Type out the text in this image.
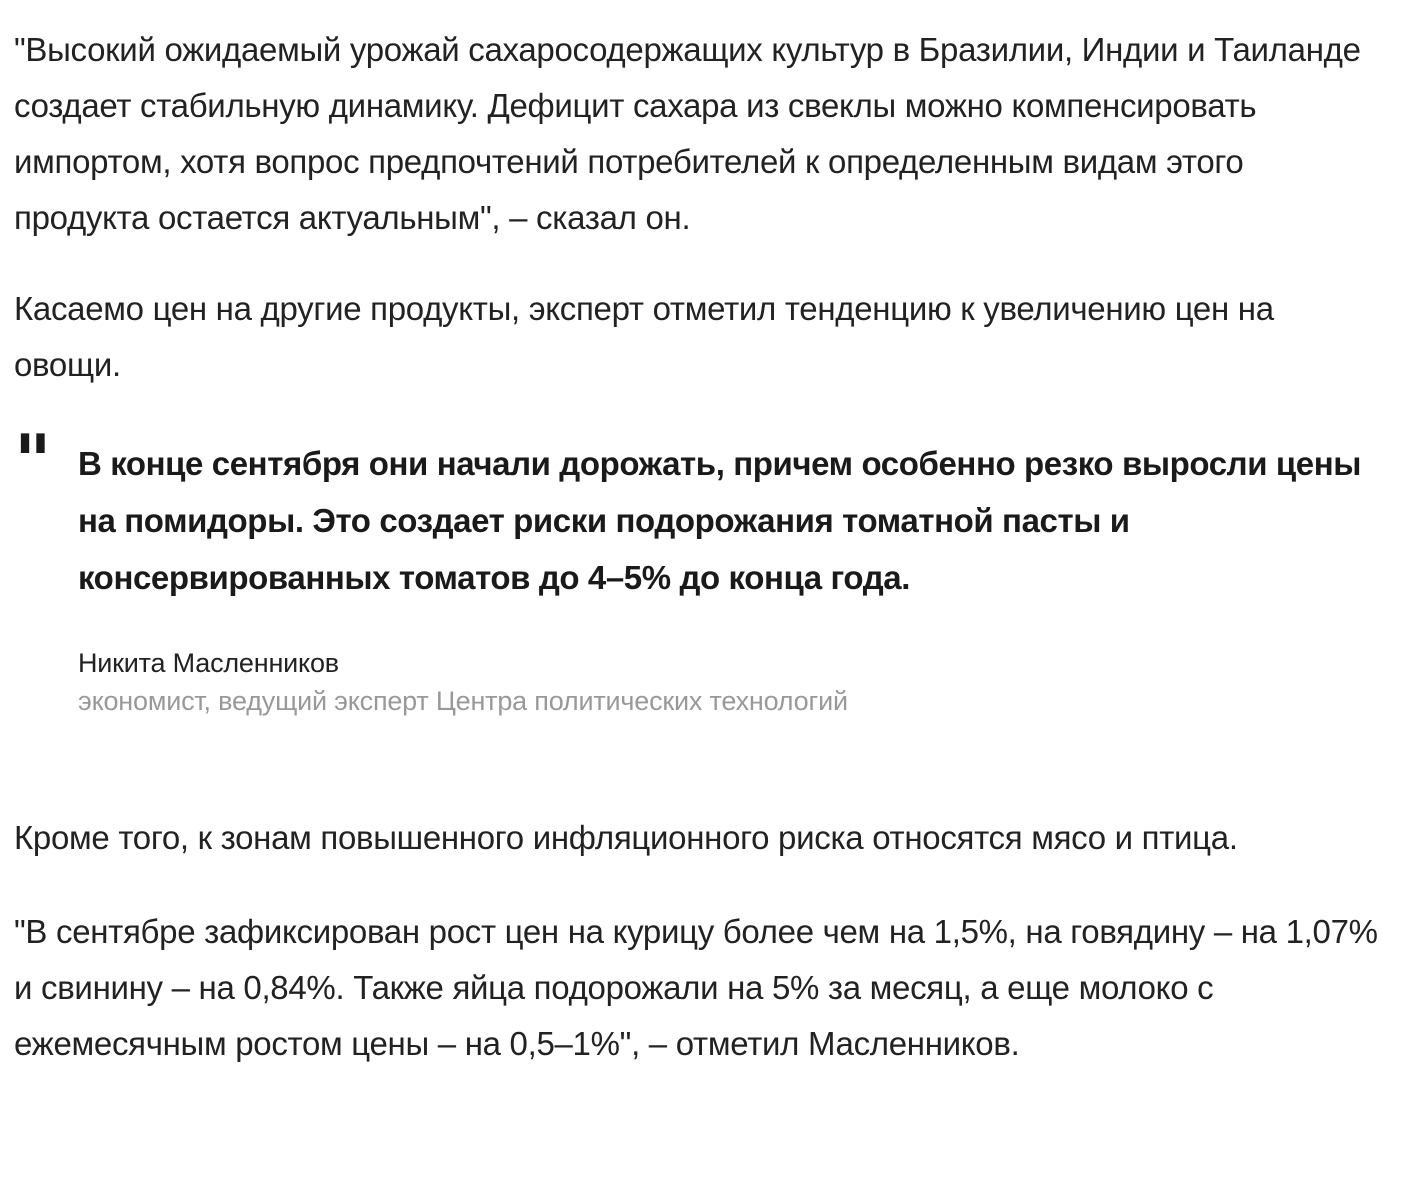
"Высокий ожидаемый урожай сахаросодержащих культур в Бразилии, Индии и Таиланде создает стабильную динамику. Дефицит сахара из свеклы можно компенсировать импортом, хотя вопрос предпочтений потребителей к определенным видам этого продукта остается актуальным", – сказал он.

Касаемо цен на другие продукты, эксперт отметил тенденцию к увеличению цен на овощи.

" В конце сентября они начали дорожать, причем особенно резко выросли цены на помидоры. Это создает риски подорожания томатной пасты и консервированных томатов до 4–5% до конца года.

Никита Масленников
экономист, ведущий эксперт Центра политических технологий

Кроме того, к зонам повышенного инфляционного риска относятся мясо и птица.

"В сентябре зафиксирован рост цен на курицу более чем на 1,5%, на говядину – на 1,07% и свинину – на 0,84%. Также яйца подорожали на 5% за месяц, а еще молоко с ежемесячным ростом цены – на 0,5–1%", – отметил Масленников.
